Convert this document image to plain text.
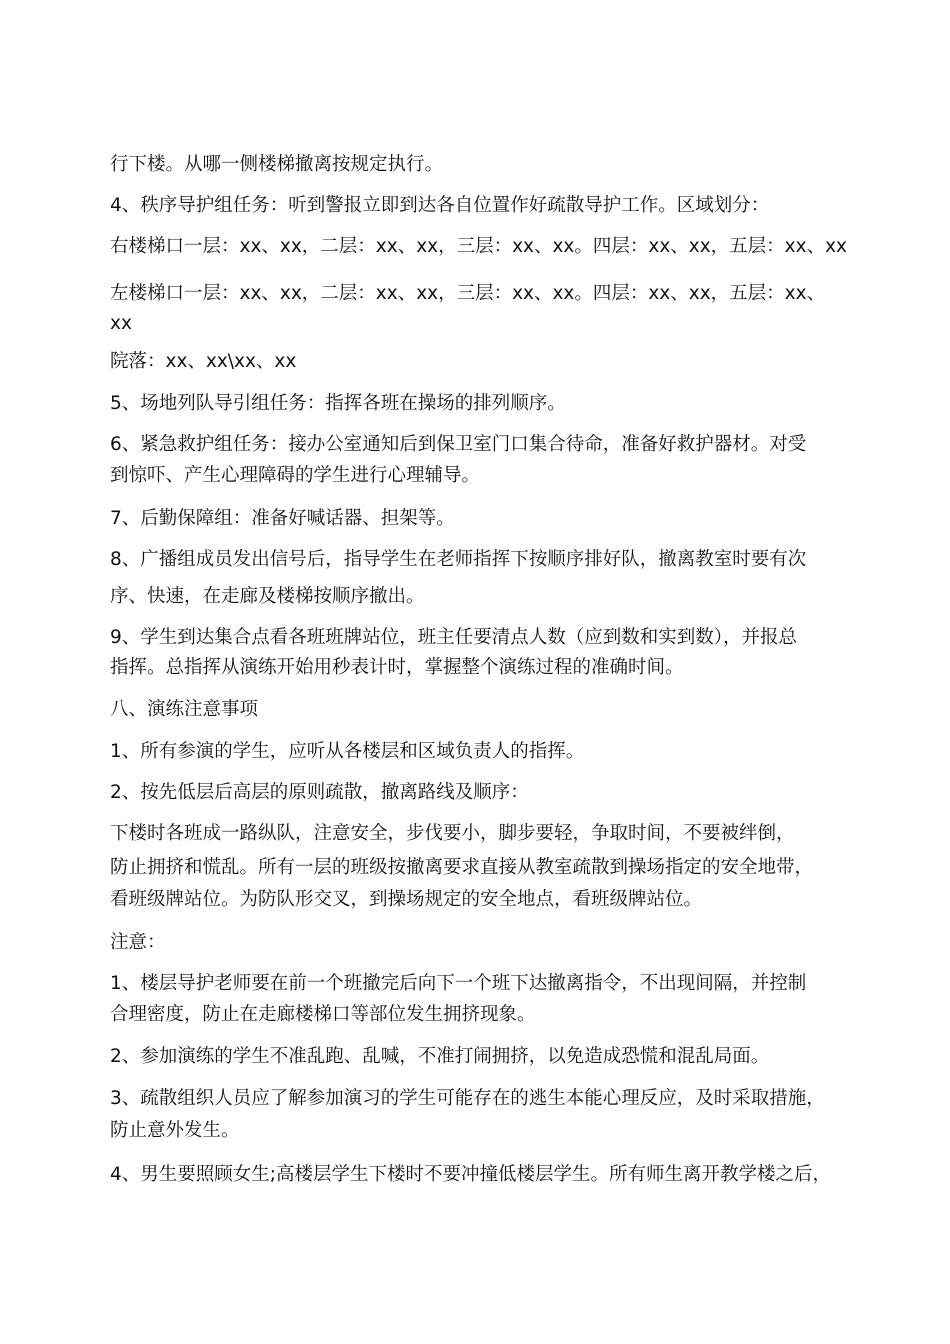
行下楼。从哪一侧楼梯撤离按规定执行。
4、秩序导护组任务：听到警报立即到达各自位置作好疏散导护工作。区域划分：
右楼梯口一层：xx、xx，二层：xx、xx，三层：xx、xx。四层：xx、xx，五层：xx、xx
左楼梯口一层：xx、xx，二层：xx、xx，三层：xx、xx。四层：xx、xx，五层：xx、
xx
院落：xx、xx\xx、xx
5、场地列队导引组任务：指挥各班在操场的排列顺序。
6、紧急救护组任务：接办公室通知后到保卫室门口集合待命，准备好救护器材。对受
到惊吓、产生心理障碍的学生进行心理辅导。
7、后勤保障组：准备好喊话器、担架等。
8、广播组成员发出信号后，指导学生在老师指挥下按顺序排好队，撤离教室时要有次
序、快速，在走廊及楼梯按顺序撤出。
9、学生到达集合点看各班班牌站位，班主任要清点人数（应到数和实到数），并报总
指挥。总指挥从演练开始用秒表计时，掌握整个演练过程的准确时间。
八、演练注意事项
1、所有参演的学生，应听从各楼层和区域负责人的指挥。
2、按先低层后高层的原则疏散，撤离路线及顺序：
下楼时各班成一路纵队，注意安全，步伐要小，脚步要轻，争取时间，不要被绊倒，
防止拥挤和慌乱。所有一层的班级按撤离要求直接从教室疏散到操场指定的安全地带，
看班级牌站位。为防队形交叉，到操场规定的安全地点，看班级牌站位。
注意：
1、楼层导护老师要在前一个班撤完后向下一个班下达撤离指令，不出现间隔，并控制
合理密度，防止在走廊楼梯口等部位发生拥挤现象。
2、参加演练的学生不准乱跑、乱喊，不准打闹拥挤，以免造成恐慌和混乱局面。
3、疏散组织人员应了解参加演习的学生可能存在的逃生本能心理反应，及时采取措施，
防止意外发生。
4、男生要照顾女生;高楼层学生下楼时不要冲撞低楼层学生。所有师生离开教学楼之后，
